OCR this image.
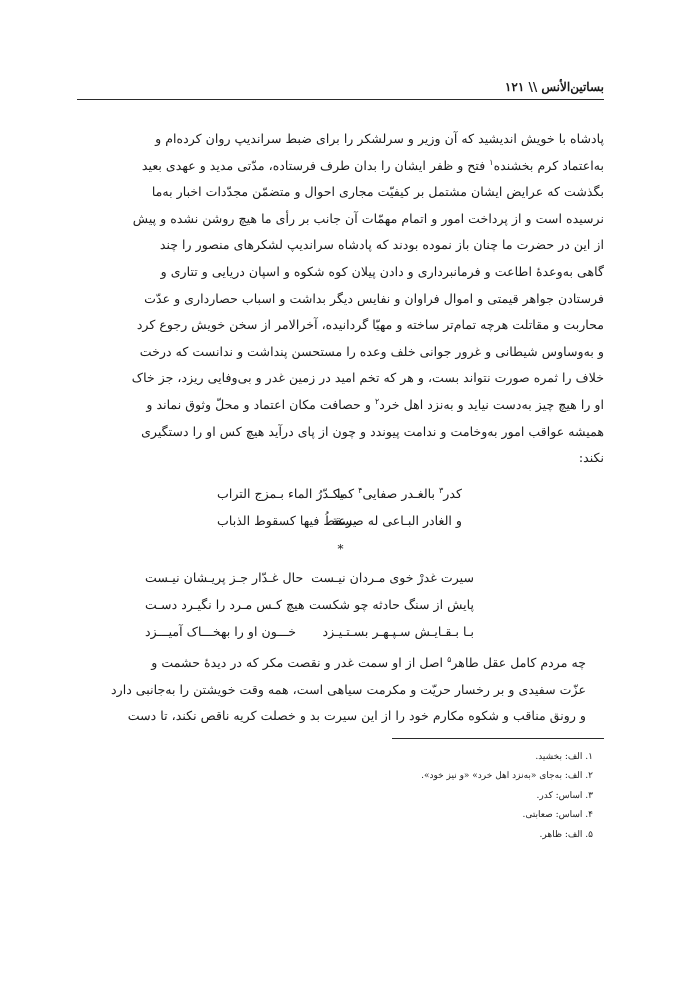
بساتین‌الأنس \\ ۱۲۱

پادشاه با خویش اندیشید که آن وزیر و سرلشکر را برای ضبط سراندیپ روان کردەام و

به‌اعتماد کرم بخشنده$^۱$ فتح و ظفر ایشان را بدان طرف فرستاده، مدّتی مدید و عهدی بعید

بگذشت که عرایض ایشان مشتمل بر کیفیّت مجاری احوال و متضمّن مجدّدات اخبار به‌ما

نرسیده است و از پرداخت امور و اتمام مهمّات آن جانب بر رأی ما هیچ روشن نشده و پیش

از این در حضرت ما چنان باز نموده بودند که پادشاه سراندیپ لشکرهای منصور را چند

گاهی به‌وعدۀ اطاعت و فرمانبرداری و دادن پیلان کوه شکوه و اسپان دریایی و تتاری و

فرستادن جواهر قیمتی و اموال فراوان و نفایس دیگر بداشت و اسباب حصارداری و عدّت

محاربت و مقاتلت هرچه تمام‌تر ساخته و مهیّا گردانیده، آخرالامر از سخن خویش رجوع کرد

و به‌وساوس شیطانی و غرور جوانی خلف وعده را مستحسن پنداشت و ندانست که درخت

خلاف را ثمره صورت نتواند بست، و هر که تخم امید در زمین غدر و بی‌وفایی ریزد، جز خاک

او را هیچ چیز به‌دست نیاید و به‌نزد اهل خرد$^۲$ و حصافت مکان اعتماد و محلّ وثوق نماند و

همیشه عواقب امور به‌وخامت و ندامت پیوندد و چون از پای درآید هیچ کس او را دستگیری

نکند:

کدر$^۳$ بالغـدر صفایی$^۴$ کما
یکـدّرُ الماء بـمزج التراب
و الغادر البـاعی له صرعة
یسقطُ فیها کسقوط الذباب
*
سیرت غدرْ خوی مـردان نیـست
حال غـدّار جـز پریـشان نیـست
پایش از سنگ حادثه چو شکست
هیچ کـس مـرد را نگیـرد دسـت
بـا بـقـایـش سـپـهـر بسـتـیـزد
خـــون او را بهخـــاک آمیـــزد

چه مردم کامل عقل طاهر$^۵$ اصل از او سمت غدر و نقصت مکر که در دیدۀ حشمت و

عزّت سفیدی و بر رخسار حریّت و مکرمت سیاهی است، همه وقت خویشتن را به‌جانبی دارد

و رونق مناقب و شکوه مکارم خود را از این سیرت بد و خصلت کریه ناقص نکند، تا دست

۱. الف: بخشید.
۲. الف: به‌جای «به‌نزد اهل خرد» «و نیز خود».
۳. اساس: کدر.
۴. اساس: صعابتی.
۵. الف: ظاهر.
